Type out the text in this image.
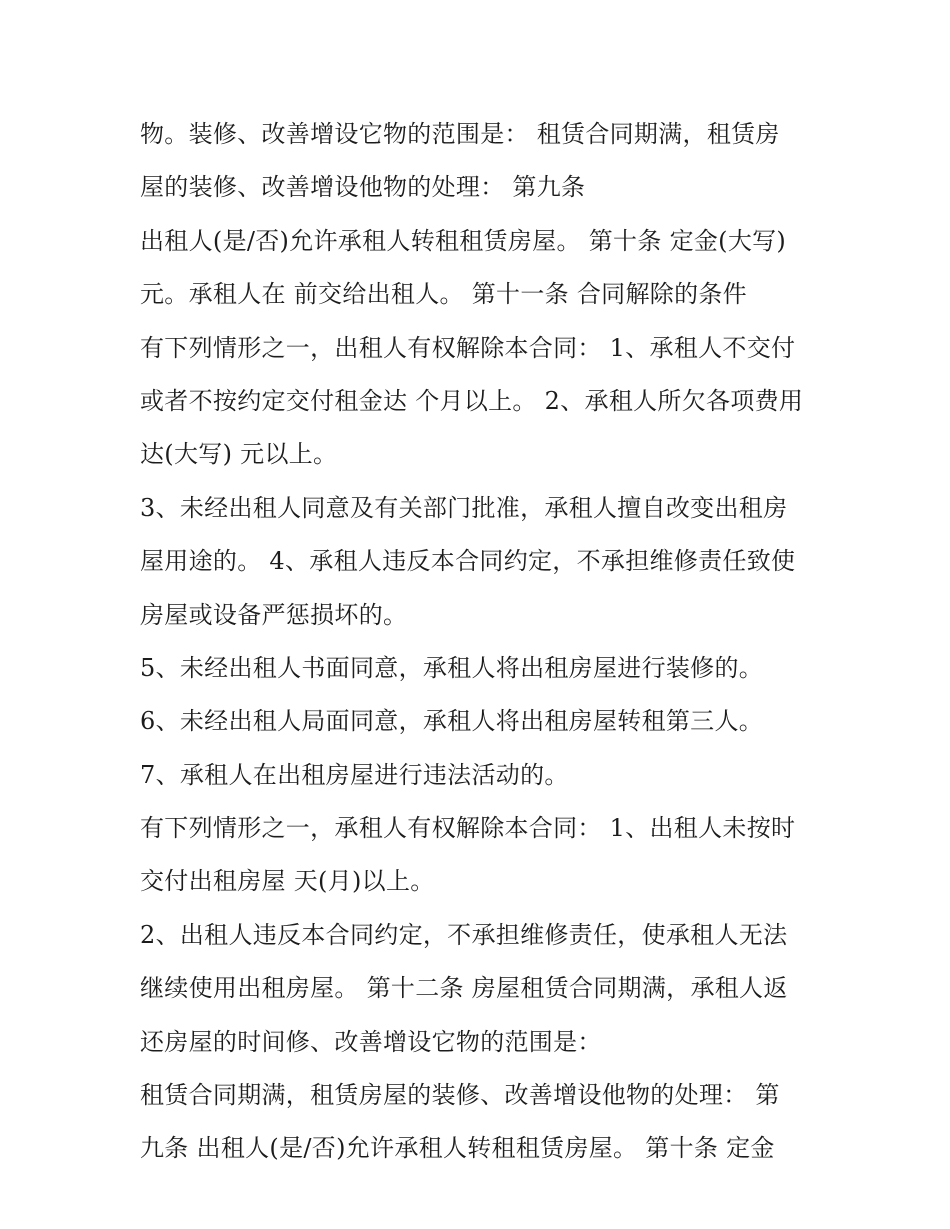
物。装修、改善增设它物的范围是： 租赁合同期满，租赁房
屋的装修、改善增设他物的处理： 第九条
出租人(是/否)允许承租人转租租赁房屋。 第十条 定金(大写)
元。承租人在 前交给出租人。 第十一条 合同解除的条件
有下列情形之一，出租人有权解除本合同： 1、承租人不交付
或者不按约定交付租金达 个月以上。 2、承租人所欠各项费用
达(大写) 元以上。
3、未经出租人同意及有关部门批准，承租人擅自改变出租房
屋用途的。 4、承租人违反本合同约定，不承担维修责任致使
房屋或设备严惩损坏的。
5、未经出租人书面同意，承租人将出租房屋进行装修的。
6、未经出租人局面同意，承租人将出租房屋转租第三人。
7、承租人在出租房屋进行违法活动的。
有下列情形之一，承租人有权解除本合同： 1、出租人未按时
交付出租房屋 天(月)以上。
2、出租人违反本合同约定，不承担维修责任，使承租人无法
继续使用出租房屋。 第十二条 房屋租赁合同期满，承租人返
还房屋的时间修、改善增设它物的范围是：
租赁合同期满，租赁房屋的装修、改善增设他物的处理： 第
九条 出租人(是/否)允许承租人转租租赁房屋。 第十条 定金
